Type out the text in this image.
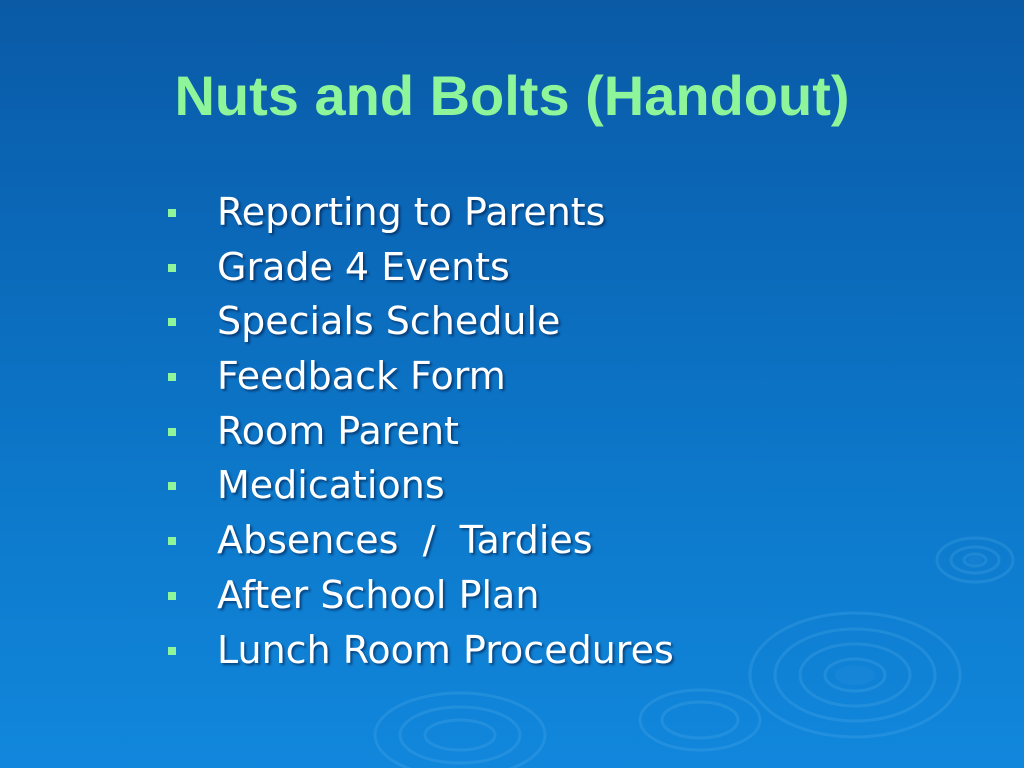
Nuts and Bolts (Handout)
Reporting to Parents
Grade 4 Events
Specials Schedule
Feedback Form
Room Parent
Medications
Absences  /  Tardies
After School Plan
Lunch Room Procedures
